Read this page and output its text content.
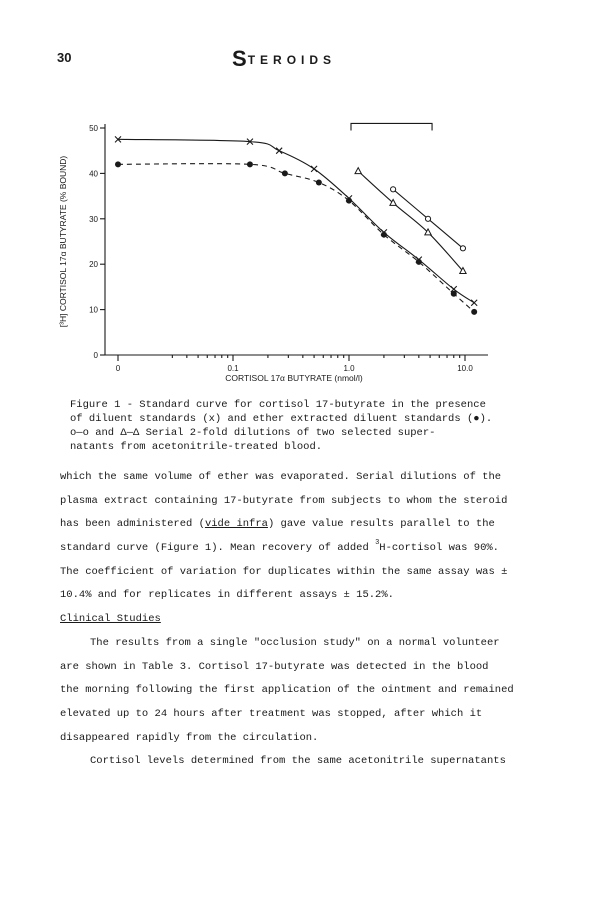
30	STEROIDS
0
10
20
30
40
50
0	0.1	1.0	10.0
CORTISOL 17α BUTYRATE (nmol/l)
[³H] CORTISOL 17α BUTYRATE (% BOUND)

Figure 1 - Standard curve for cortisol 17-butyrate in the presence

of diluent standards (x) and ether extracted diluent standards (●).

o—o and Δ—Δ Serial 2-fold dilutions of two selected super-

natants from acetonitrile-treated blood.

which the same volume of ether was evaporated. Serial dilutions of the
plasma extract containing 17-butyrate from subjects to whom the steroid
has been administered (vide infra) gave value results parallel to the
standard curve (Figure 1). Mean recovery of added $^3$H-cortisol was 90%.
The coefficient of variation for duplicates within the same assay was ±
10.4% and for replicates in different assays ± 15.2%.
Clinical Studies
The results from a single "occlusion study" on a normal volunteer
are shown in Table 3. Cortisol 17-butyrate was detected in the blood
the morning following the first application of the ointment and remained
elevated up to 24 hours after treatment was stopped, after which it
disappeared rapidly from the circulation.
Cortisol levels determined from the same acetonitrile supernatants
